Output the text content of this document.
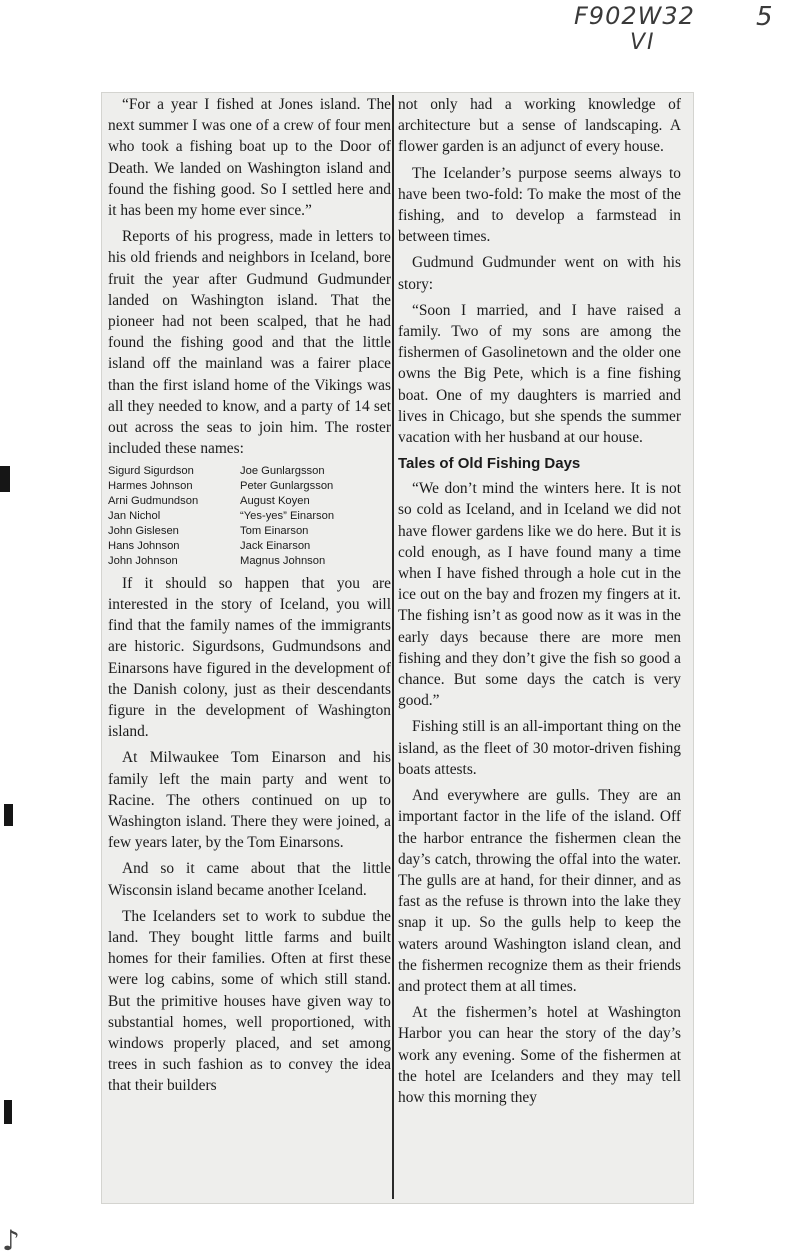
F902W32
VI
5
♪

“For a year I fished at Jones island. The next summer I was one of a crew of four men who took a fishing boat up to the Door of Death. We landed on Washington island and found the fishing good. So I settled here and it has been my home ever since.”

Reports of his progress, made in letters to his old friends and neighbors in Iceland, bore fruit the year after Gudmund Gudmunder landed on Washington island. That the pioneer had not been scalped, that he had found the fishing good and that the little island off the mainland was a fairer place than the first island home of the Vikings was all they needed to know, and a party of 14 set out across the seas to join him. The roster included these names:

Sigurd Sigurdson	Joe Gunlargsson
Harmes Johnson	Peter Gunlargsson
Arni Gudmundson	August Koyen
Jan Nichol	“Yes-yes” Einarson
John Gislesen	Tom Einarson
Hans Johnson	Jack Einarson
John Johnson	Magnus Johnson

If it should so happen that you are interested in the story of Iceland, you will find that the family names of the immigrants are historic. Sigurdsons, Gudmundsons and Einarsons have figured in the development of the Danish colony, just as their descendants figure in the development of Washington island.

At Milwaukee Tom Einarson and his family left the main party and went to Racine. The others continued on up to Washington island. There they were joined, a few years later, by the Tom Einarsons.

And so it came about that the little Wisconsin island became another Iceland.

The Icelanders set to work to subdue the land. They bought little farms and built homes for their families. Often at first these were log cabins, some of which still stand. But the primitive houses have given way to substantial homes, well proportioned, with windows properly placed, and set among trees in such fashion as to convey the idea that their builders

not only had a working knowledge of architecture but a sense of landscaping. A flower garden is an adjunct of every house.

The Icelander’s purpose seems always to have been two-fold: To make the most of the fishing, and to develop a farmstead in between times.

Gudmund Gudmunder went on with his story:

“Soon I married, and I have raised a family. Two of my sons are among the fishermen of Gasolinetown and the older one owns the Big Pete, which is a fine fishing boat. One of my daughters is married and lives in Chicago, but she spends the summer vacation with her husband at our house.

Tales of Old Fishing Days

“We don’t mind the winters here. It is not so cold as Iceland, and in Iceland we did not have flower gardens like we do here. But it is cold enough, as I have found many a time when I have fished through a hole cut in the ice out on the bay and frozen my fingers at it. The fishing isn’t as good now as it was in the early days because there are more men fishing and they don’t give the fish so good a chance. But some days the catch is very good.”

Fishing still is an all-important thing on the island, as the fleet of 30 motor-driven fishing boats attests.

And everywhere are gulls. They are an important factor in the life of the island. Off the harbor entrance the fishermen clean the day’s catch, throwing the offal into the water. The gulls are at hand, for their dinner, and as fast as the refuse is thrown into the lake they snap it up. So the gulls help to keep the waters around Washington island clean, and the fishermen recognize them as their friends and protect them at all times.

At the fishermen’s hotel at Washington Harbor you can hear the story of the day’s work any evening. Some of the fishermen at the hotel are Icelanders and they may tell how this morning they
